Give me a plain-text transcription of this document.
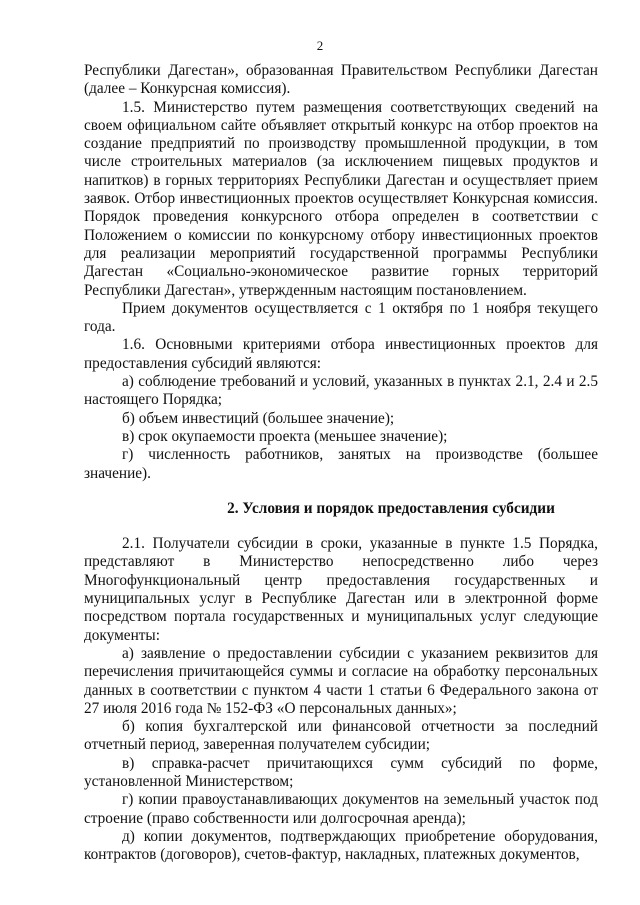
2

Республики Дагестан», образованная Правительством Республики Дагестан (далее – Конкурсная комиссия).

1.5. Министерство путем размещения соответствующих сведений на своем официальном сайте объявляет открытый конкурс на отбор проектов на создание предприятий по производству промышленной продукции, в том числе строительных материалов (за исключением пищевых продуктов и напитков) в горных территориях Республики Дагестан и осуществляет прием заявок. Отбор инвестиционных проектов осуществляет Конкурсная комиссия. Порядок проведения конкурсного отбора определен в соответствии с Положением о комиссии по конкурсному отбору инвестиционных проектов для реализации мероприятий государственной программы Республики Дагестан «Социально-экономическое развитие горных территорий Республики Дагестан», утвержденным настоящим постановлением.

Прием документов осуществляется с 1 октября по 1 ноября текущего года.

1.6. Основными критериями отбора инвестиционных проектов для предоставления субсидий являются:

а) соблюдение требований и условий, указанных в пунктах 2.1, 2.4 и 2.5 настоящего Порядка;

б) объем инвестиций (большее значение);

в) срок окупаемости проекта (меньшее значение);

г) численность работников, занятых на производстве (большее значение).

2. Условия и порядок предоставления субсидии

2.1. Получатели субсидии в сроки, указанные в пункте 1.5 Порядка, представляют в Министерство непосредственно либо через Многофункциональный центр предоставления государственных и муниципальных услуг в Республике Дагестан или в электронной форме посредством портала государственных и муниципальных услуг следующие документы:

а) заявление о предоставлении субсидии с указанием реквизитов для перечисления причитающейся суммы и согласие на обработку персональных данных в соответствии с пунктом 4 части 1 статьи 6 Федерального закона от 27 июля 2016 года № 152-ФЗ «О персональных данных»;

б) копия бухгалтерской или финансовой отчетности за последний отчетный период, заверенная получателем субсидии;

в) справка-расчет причитающихся сумм субсидий по форме, установленной Министерством;

г) копии правоустанавливающих документов на земельный участок под строение (право собственности или долгосрочная аренда);

д) копии документов, подтверждающих приобретение оборудования, контрактов (договоров), счетов-фактур, накладных, платежных документов,
